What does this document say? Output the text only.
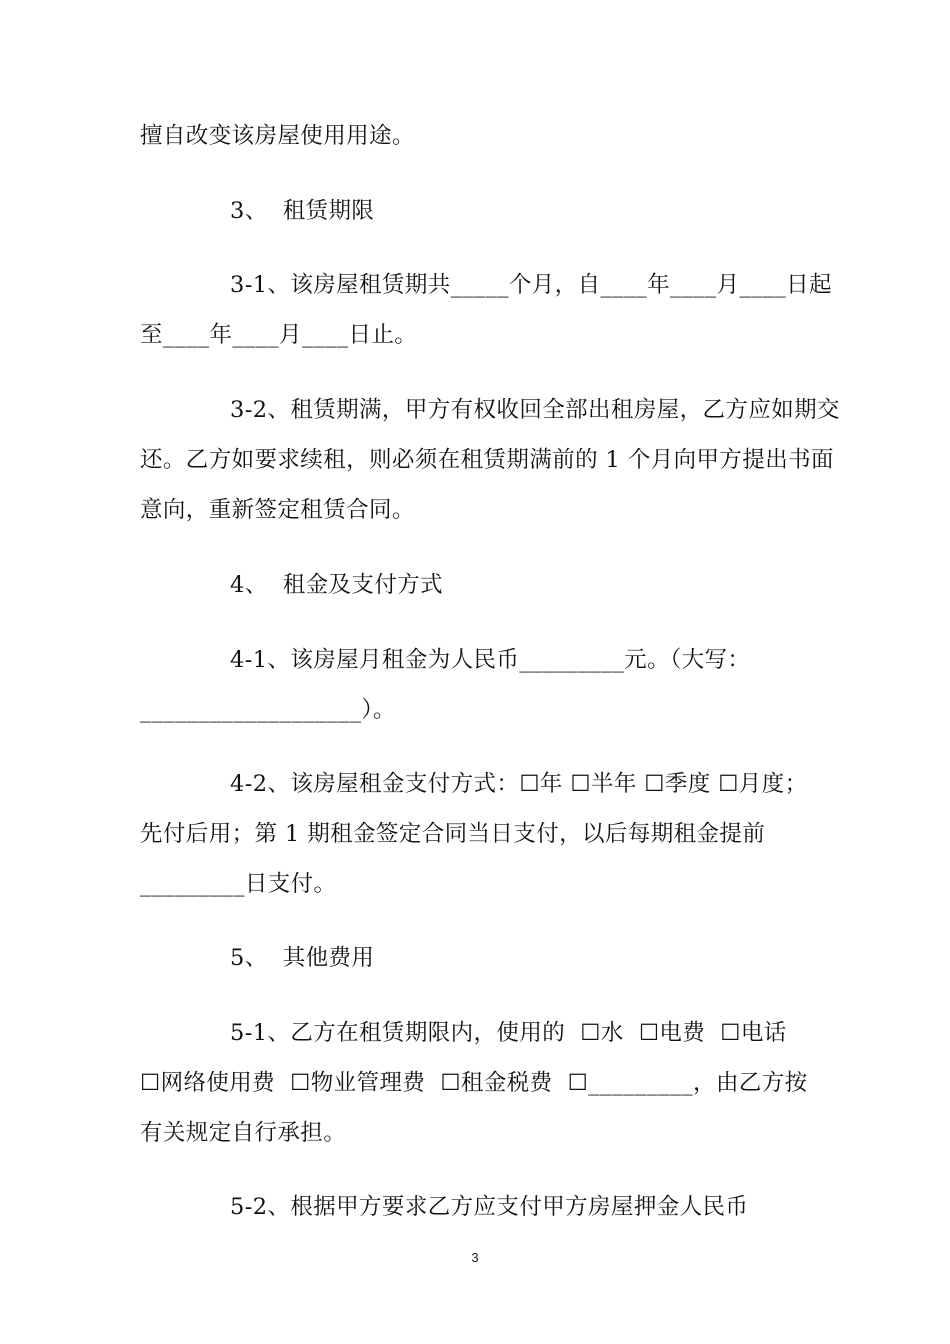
擅自改变该房屋使用用途。
3、  租赁期限
3-1、该房屋租赁期共_____个月，自____年____月____日起
至____年____月____日止。
3-2、租赁期满，甲方有权收回全部出租房屋，乙方应如期交
还。乙方如要求续租，则必须在租赁期满前的 1 个月向甲方提出书面
意向，重新签定租赁合同。
4、  租金及支付方式
4-1、该房屋月租金为人民币_________元。（大写：
___________________）。
4-2、该房屋租金支付方式：☐年 ☐半年 ☐季度 ☐月度；
先付后用；第 1 期租金签定合同当日支付，以后每期租金提前
_________日支付。
5、  其他费用
5-1、乙方在租赁期限内，使用的  ☐水  ☐电费  ☐电话
☐网络使用费  ☐物业管理费  ☐租金税费  ☐_________，由乙方按
有关规定自行承担。
5-2、根据甲方要求乙方应支付甲方房屋押金人民币
3
